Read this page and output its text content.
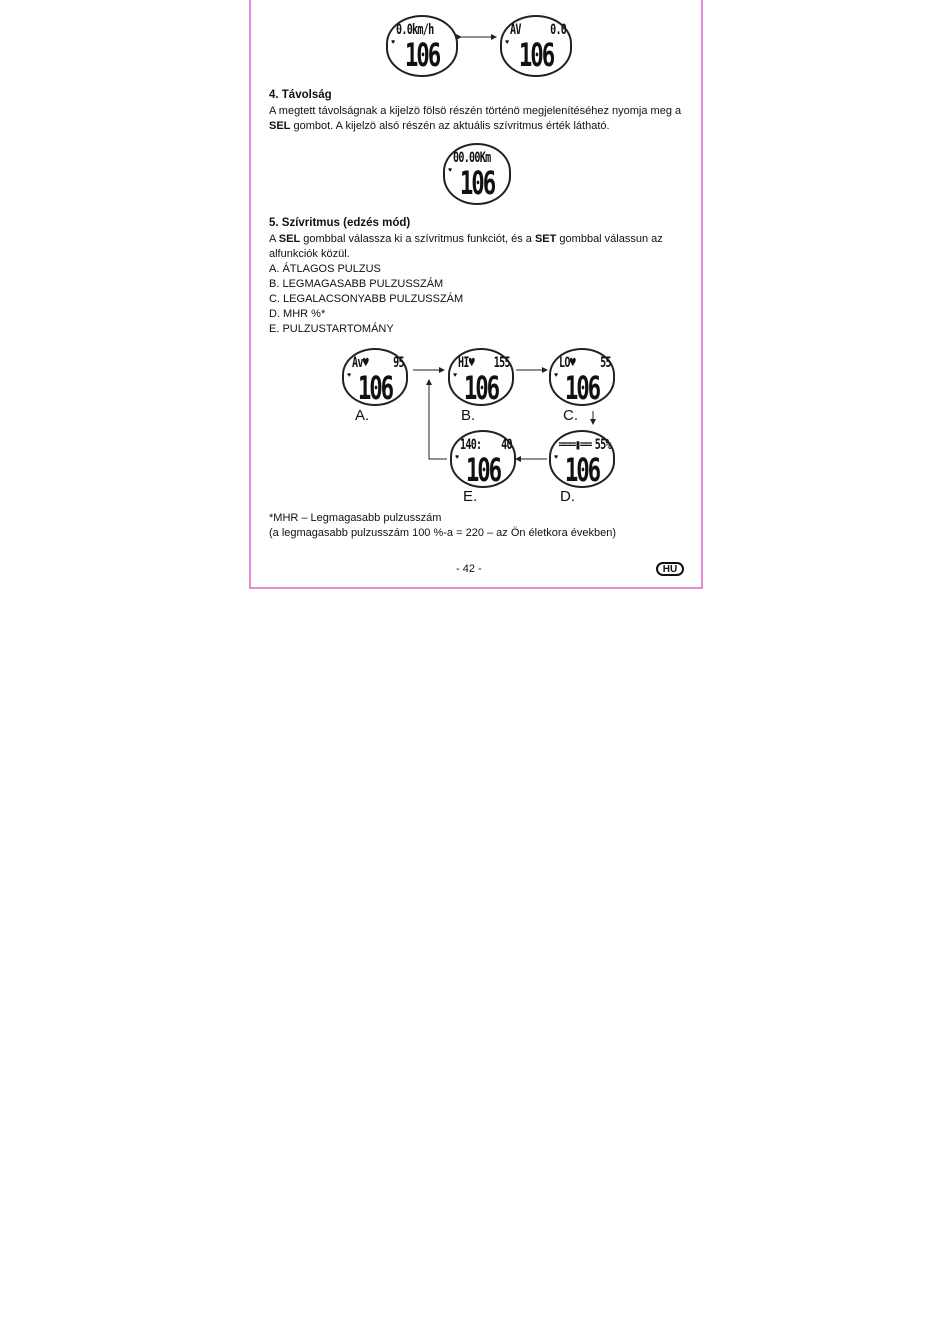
♥
0.0km/h
106	♥
AV 0.0
106
4. Távolság
A megtett távolságnak a kijelzö fölsö részén történö megjelenítéséhez nyomja meg a SEL gombot. A kijelzö alsó részén az aktuális szívritmus érték látható.
♥
00.00Km
106
5. Szívritmus (edzés mód)
A SEL gombbal válassza ki a szívritmus funkciót, és a SET gombbal válassun az alfunkciók közül.
A. ÁTLAGOS PULZUS
B. LEGMAGASABB PULZUSSZÁM
C. LEGALACSONYABB PULZUSSZÁM
D. MHR %*
E. PULZUSTARTOMÁNY
♥
Av♥ 95
106
A.
♥
HI♥ 155
106
B.
♥
LO♥ 55
106
C.
♥
═══▮══ 55%
106
D.
♥
140: 40
106
E.
*MHR – Legmagasabb pulzusszám
(a legmagasabb pulzusszám 100 %-a = 220 – az Ön életkora években)
- 42 -	HU
